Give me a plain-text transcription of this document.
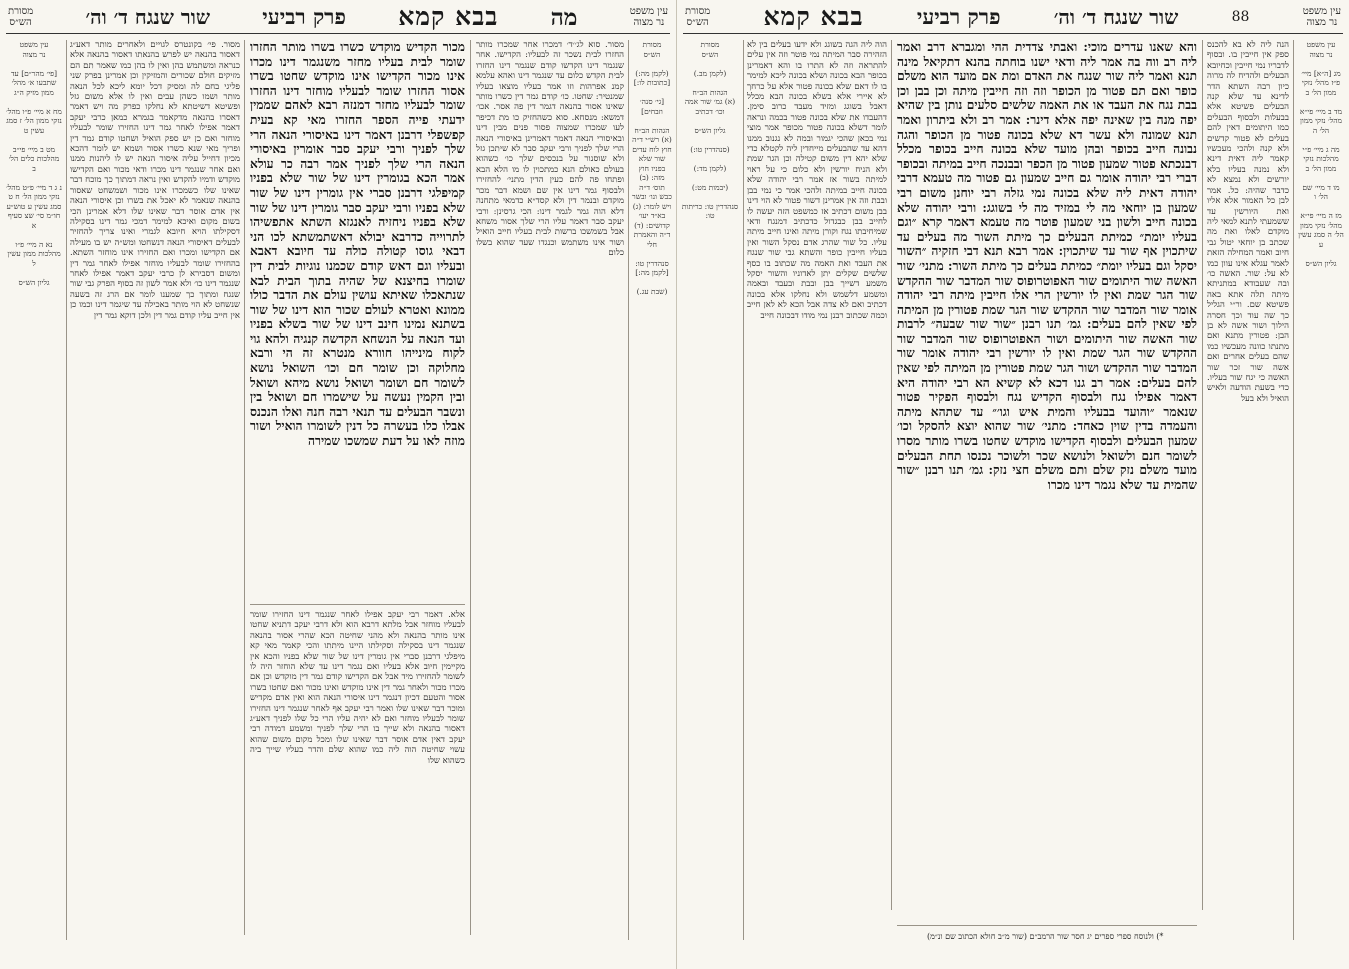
עין משפט
נר מצוה
מה
בבא קמא
פרק רביעי
שור שנגח ד׳ וה׳
מסורת
הש״ס
עין משפט
נר מצוה

[פי׳ מהר״ם] עד שתבעו א׳ מהל׳ ממון מזיק ה״ג

מח א מיי׳ פ״ו מהל׳ נזקי ממון הל׳ ז סמג עשין ט

מט ב מיי׳ פי״ב מהלכות כלים הל׳ ב

נ ג ד מיי׳ פ״ט מהל׳ נזקי ממון הל׳ ח ט סמג עשין ע טוש״ע חו״מ סי׳ שצ סעיף א

נא ה מיי׳ פ״ו מהלכות ממון עשין ל

גליון הש״ס

מסור. פי׳ בקונטרס לגויים ולאחרים מותר דאע״ג דאסור בהנאה יש לפרש בהנאתו דאסור בהנאה אלא כנראה ומשתמש בהן ואין לו בהן כמו שאמר תם הם מזיקים חולם שכורים והמזיקין וכן אמרינן בפרק שני פליגי בחם לה ומסיק דכל יומא ליכא לכל הנאה מותר ושמו כשהן עבים ואין לו אלא משום גזל ופשיטא דשיטתא לא נחלקו כפרק מה ויש דאמר דאסרו בהנאה מדקאמר בגמרא כמאן כרבי יעקב דאמר אפילו לאחר גמר דינו החזירו שומר לבעליו מוחזר ואם כן יש ספק הואיל ושחטו קודם גמר דין ופריך מאי שנא כשרו אסור ושמא יש לומר דהכא מכיון דחייל עליה איסור הנאה יש לו ליהנות ממנו ואם אחר שנגמר דינו מכרו ודאי מכור ואם הקדישו מוקדש ודמיו להקדש ואין נראה דמתוך כך מוכח דבר שאינו שלו כשמכרו אינו מכור ושמשחט שאסור בהנאה שנאמר לא יאכל את בשרו וכן איסורי הנאה אין אדם אוסר דבר שאינו שלו דלא אמרינן הכי בשום מקום ואיכא למימר דמכי גמר דינו בסקילה דסקילתו הויא חיובא לגמרי ואינו צריך להחזיר לבעלים דאיסורי הנאה דנשחטו ומש״ה יש בו מעילה אם הקדישו ומכרו ואם החזירו אינו מוחזר השתא. בהחזירו שומר לבעליו מוחזר אפילו לאחר גמר דין ומשום דסבירא לן כרבי יעקב דאמר אפילו לאחר שנגמר דינו כו׳ ולא אמר לשון זה בסוף הפרק גבי שור שנגח ומתוך כך שמענו לומר אם הרג זה בשעה שנשחט לא הוי מותר באכילה עד שיגמר דינו וכמו כן אין חייב עליו קודם גמר דין ולכן דוקא גמר דין

מכור הקדיש מוקדש כשרו בשרו מותר החזרו שומר לבית בעליו מחזר משנגמר דינו מכרו אינו מכור הקדישו אינו מוקדש שחטו בשרו אסור החזרו שומר לבעליו מוחזר דינו החזרו שומר לבעליו מחזר דמנזה רבא לאהם שממין ידעתי פייה הספר החזרו מאי קא בעית קפשפלי דרבנן דאמר דינו באיסורי הנאה הרי שלך לפניך ורבי יעקב סבר אומרין באיסורי הנאה הרי שלך לפניך אמר רבה כר עולא אמר הכא בגומרין דינו של שור שלא בפניו קמיפלגי דרבנן סברי אין גומרין דינו של שור שלא בפניו ורבי יעקב סבר גומרין דינו של שור שלא בפניו ניחזיה לאנגזא השתא אתפשיהו לתרוייה כדרבא יבולא דאשתמשתא לכו הני דבאי גוסו קטולה כולה עד חיובא דאבא ובעליו וגם דאש קודם שכמנו נוגיות לבית דין שומרו בחיצנא של שהיה בתוך הבית לבא שנתאכלו שאיתא עושין עולם את הדבר כולו ממונא ואטרא לעולם שכור הוא דינו של שור בשתנא נמינו חינב דינו של שור בשלא בפניו ועד הנאה על הנשחא הקדשה קנגיה ולהא גוי לקוח מינייהו חוורא מנטרא זה הי ורבא מחלוקה וכן שומר חם וכו׳ השואל נושא לשומר חם ושומר ושואל נושא מיהא ושואל ובין הקמין נעשה על שישמרו חם ושואל בין ונשבר הבעלים עד תנאי רבה חנה ואלו הנכנס אבלו כלו בעשרה כל דנין לשומרו הואיל ושור מוזה לאו על דעת שמשכו שמירה

מסור. סוא לג׳׳ד׳ דמכרו אחר שמכרו מותר החזרו לבית נשכר זה לבעליו: הקדישו. אחר שנגמר דינו הקדשו קודם שנגמר דינו החזרו לבית הקדש כלום עד שנגמר דינו ואהא עלמא קמנ אפרהות וזו אמר בעליו מוצאו בעליו שמנטיר: שחטו. כו׳ קודם גמר דין כשרו מותר שאינו אסור בהנאה דגמר דין פה אסר. אכו׳ דמשא: מנסחא. סוא כשהחזיק כו מת דכיפר לעו שמכרו שמצוה פסור פנים מבין דינו ובאיסורי הנאה דאמר דאמרינן באיסורי הנאה הרי שלך לפניך ורבי יעקב סבר לא שיתכן גזל ולא שוסנור על בנכסים שלך כו׳ כשהוא בעולם כאולם הנא כמתכוין לו מו הלא הבא ופתחו פה להם כעין הדין מתני׳ להחזירו ולבסוף גמר דינו אין שם ושמא דבר מכר מוקדם ובנמר דין ולא קסד״א כדמאי מתחנה דלא הוה גמר לגמר דינו: הכי גרסינן: ורבי יעקב סבר דאמר עליו הרי שלך אסור משחא אבל בשמשכו ברשות לבית בעליו חייב הואיל ושור אינו משתמש וכנגדו שעד שהוא בשלו כלום

אלא. דאמר רבי יעקב אפילו לאחר שנגמר דינו החזירו שומר לבעליו מוחזר אבל מלתא דרבא הוא ולא דרבי יעקב דתניא שחטו אינו מותר בהנאה ולא מהני שחיטה הכא שהרי אסור בהנאה שנגמר דינו בסקילה וסקילתו היינו מיתתו והכי קאמר מאי קא מיפלגי דרבנן סברי אין גומרין דינו של שור שלא בפניו והכא אין מקיימין חיוב אלא בעליו ואם נגמר דינו עד שלא הוחזר היה לו לשומר להחזירו מיד אבל אם הקדישו קודם גמר דין מוקדש וכן אם מכרו מכור ולאחר גמר דין אינו מוקדש ואינו מכור ואם שחטו בשרו אסור והטעם דכיון דנגמר דינו איסורי הנאה הוא ואין אדם מקדיש ומוכר דבר שאינו שלו ואמר רבי יעקב אף לאחר שנגמר דינו החזירו שומר לבעליו מוחזר ואם לא יהיה עליו הרי כל שלו לפניך דאע״ג דאסור בהנאה ולא שייך בו הרי שלך לפניך ומשמע דמודה רבי יעקב דאין אדם אוסר דבר שאינו שלו ומכל מקום משום שהוא עשוי שחיטה הוה ליה כמו שהוא שלם והדר בעליו שייך ביה כשהוא שלו

מסורת
הש״ס

(לקמן מה:) [כתובות לו:]

[גי׳ סנה׳ וזבחים]

הגהות הב״ח
(א) רש״י ד״ה חוץ לוח עדים שור שלא בפניו חוץ מזה: (ב) תוס׳ ד״ה כבש ונו׳ ובשר ויש לומר: (ג) בא״ד יעו׳ קדושים: (ד) ד״ה והאמרת חלי

סנהדרין טו: [לקמן מה:]

(שבת עג.)
עין משפט
נר מצוה
88
שור שנגח ד׳ וה׳
פרק רביעי
בבא קמא
מסורת
הש״ס
מסורת
הש״ס

(לקמן מב.)

הגהות הב״ח
(א) גמ׳ שור אמה וכו׳ דכתיב

גליון הש״ס

(סנהדרין טו:)

(לקמן מד:)

(יבמות מט:)

סנהדרין טו: כריתות טו:

הוה ליה הגה בשוגג ולא ידעו בעלים בין לא הזהירה סבר המיתה נמי פוטר וזה אין עלים להתראה וזה לא התרו בו והא דאמרינן בכופר הבא בכונה ושלא בכונה ליכא למימר בו לו דאם שלא בכונה פטור אלא על כרחך לא איירי אלא בשלא בכונה הבא מכלל דאבל בשוגג ומזיד מעבד כרוב סימן. דהעבדו את שלא בכונה פטור בכמה ונראה לומר דשלא בכונה פטור מכופר אמר מוצי נמי בכאן שהכי יגמור ובמה לא נגנוב ממנו דהא עד שהבעלים מייחדין ליה לקטלא כדי שלא יהא דין משום קטילה וכן הגר שמת ולא הניח יורשין ולא כלום כי על ראוי למיתה בשור אז אמר רבי יהודה שלא בכונה חייב במיתה ולהכי אמר כי נמי בבן ובבת וזה אין אמרינן דשור פטור לא הוי דינו בבן משום דכתיב אז כמשפט הזה יעשה לו לחייב בבן כבגדול כדכתיב דמנגח ודאי שמיחיבתו נגח וקורן מיתה ואינו חייב מיתה עליו. כל שור שהרג אדם נסקל השור ואין בעליו חייבין כופר והשתא גבי שור שנגח את העבד ואת האמה מה שכתוב בו כסף שלשים שקלים יתן לאדוניו והשור יסקל משמע דשייך בבן ובבת ובעבד ובאמה ומשמע דלשמש ולא נחלקו אלא בכונה דכתיב ואם לא צדה אבל הכא לא לאן חייב וכמה שכתוב רבנן נמי מודו דבכונה חייב

והא שאנו עדרים מוכי: ואבתי צדדית ההי ומגברא דרב ואמר ליה רב ווה בה אמר ליה ודאי ישנו בוחתה בהנא דתקיאל מינה תנא ואמר ליה שור שנגח את האדם ומת אם מועד הוא משלם כופר ואם תם פטור מן הכופר וזה וזה חייבין מיתה וכן בבן וכן בבת נגח את העבד או את האמה שלשים סלעים נותן בין שהיא יפה מנה בין שאינה יפה אלא דינר: אמר רב ולא ביתרון ואמר תנא שמונה ולא עשר דא שלא בכונה פטור מן הכופר והגה נבונה חייב בכופר ובהן מועד שלא בכונה חייב בכופר מכלל דבנכתא פטור שמעון פטור מן הכפר ובבנכה חייב במיתה ובכופר דברי רבי יהודה אומר גם חייב שמעון גם פטור מה טעמא דרבי יהודה דאית ליה שלא בכונה נמי גזלה רבי יוחנן משום רבי שמעון בן יוחאי מה לי במזיד מה לי בשוגג: ורבי יהודה שלא בכונה חייב ולשון בני שמעון פוטר מה טעמא דאמר קרא ״וגם בעליו יומת״ כמיתת הבעלים כך מיתת השור מה בעלים עד שיתכוין אף שור עד שיתכוין: אמר רבא תנא דבי חזקיה ״השור יסקל וגם בעליו יומת״ כמיתת בעלים כך מיתת השור: מתני׳ שור האשה שור היתומים שור האפוטרופוס שור המדבר שור ההקדש שור הגר שמת ואין לו יורשין הרי אלו חייבין מיתה רבי יהודה אומר שור המדבר שור ההקדש שור הגר שמת פטורין מן המיתה לפי שאין להם בעלים: גמ׳ תנו רבנן ״שור שור שבעה״ לרבות שור האשה שור היתומים ושור האפוטרופוס שור המדבר שור ההקדש שור הגר שמת ואין לו יורשין רבי יהודה אומר שור המדבר שור ההקדש ושור הגר שמת פטורין מן המיתה לפי שאין להם בעלים: אמר רב גנו דכא לא קשיא הא רבי יהודה היא דאמר אפילו נגח ולבסוף הקדיש נגח ולבסוף הפקיר פטור שנאמר ״והועד בבעליו והמית איש וגו׳״ עד שתהא מיתה והעמדה בדין שוין כאחד: מתני׳ שור שהוא יוצא להסקל וכו׳ שמעון הבעלים ולבסוף הקדישו מוקדש שחטו בשרו מותר מסרו לשומר חנם ולשואל ולנושא שכר ולשוכר נכנסו תחת הבעלים מועד משלם נזק שלם ותם משלם חצי נזק: גמ׳ תנו רבנן ״שור שהמית עד שלא נגמר דינו מכרו

הנה ליה לא בא להכנס ספק אין חייבין בו. ובסוף לדבריו נמי חייבין וכחיובא הבעלים ולהדיח לה מרוה כיון רבה השתא הדר לדינא עד שלא קנה הבעלים פשיטא אלא בבעלות ולבסוף הבעלים כמו היתומים דאין להם בעלים לא פטור קדשים ולא קנה ולהכי מעכשיו קאמר ליה דאית דינא ולא נמנה בעליו בלא יורשים ולא נמצא לא כדבר שהיה: כל. אמר לבן כל האמור אלא אליו ואת היורשין עד ששמעתי לתנא למאי ליה מוקדם לאלו ואת מה שכתב בן יוחאי יטול גבי חיוב ואמר המחילה הזאת לאמר עגלא אינו עוון כמו לא על: שור. האשה כו׳ ובה שעבודא במתניתא מיתה תלה אתא באה פשיטא שם. ור״י הגליל כך שה עוד וכך חסרה הילוך ושור אשה לא בן הבן: פטורין מתנא ואם מתנתו כוונה מעכשיו כמו שהם בעלים אחרים ואם אשה שור זכר שור האשה כי יגח שור בעליו. כדי בשעת הודעה ולאיש הואיל ולא בעל

עין משפט
נר מצוה

מג [ה״א] מיי׳ פ״ז מהל׳ נזקי ממון הל׳ ב

מד ב מיי׳ פי״א מהל׳ נזקי ממון הל׳ ה

מה ג מיי׳ פ״י מהלכות נזקי ממון הל׳ ב

מו ד מיי׳ שם הל׳ ו

מז ה מיי׳ פי״א מהל׳ נזקי ממון הל׳ ה סמג עשין ע

גליון הש״ס
*) ולנוסח ספרי ספרים יג חסר שור הרמב״ם (שור מ״ב חולא הכתוב שם ונ״מ)
